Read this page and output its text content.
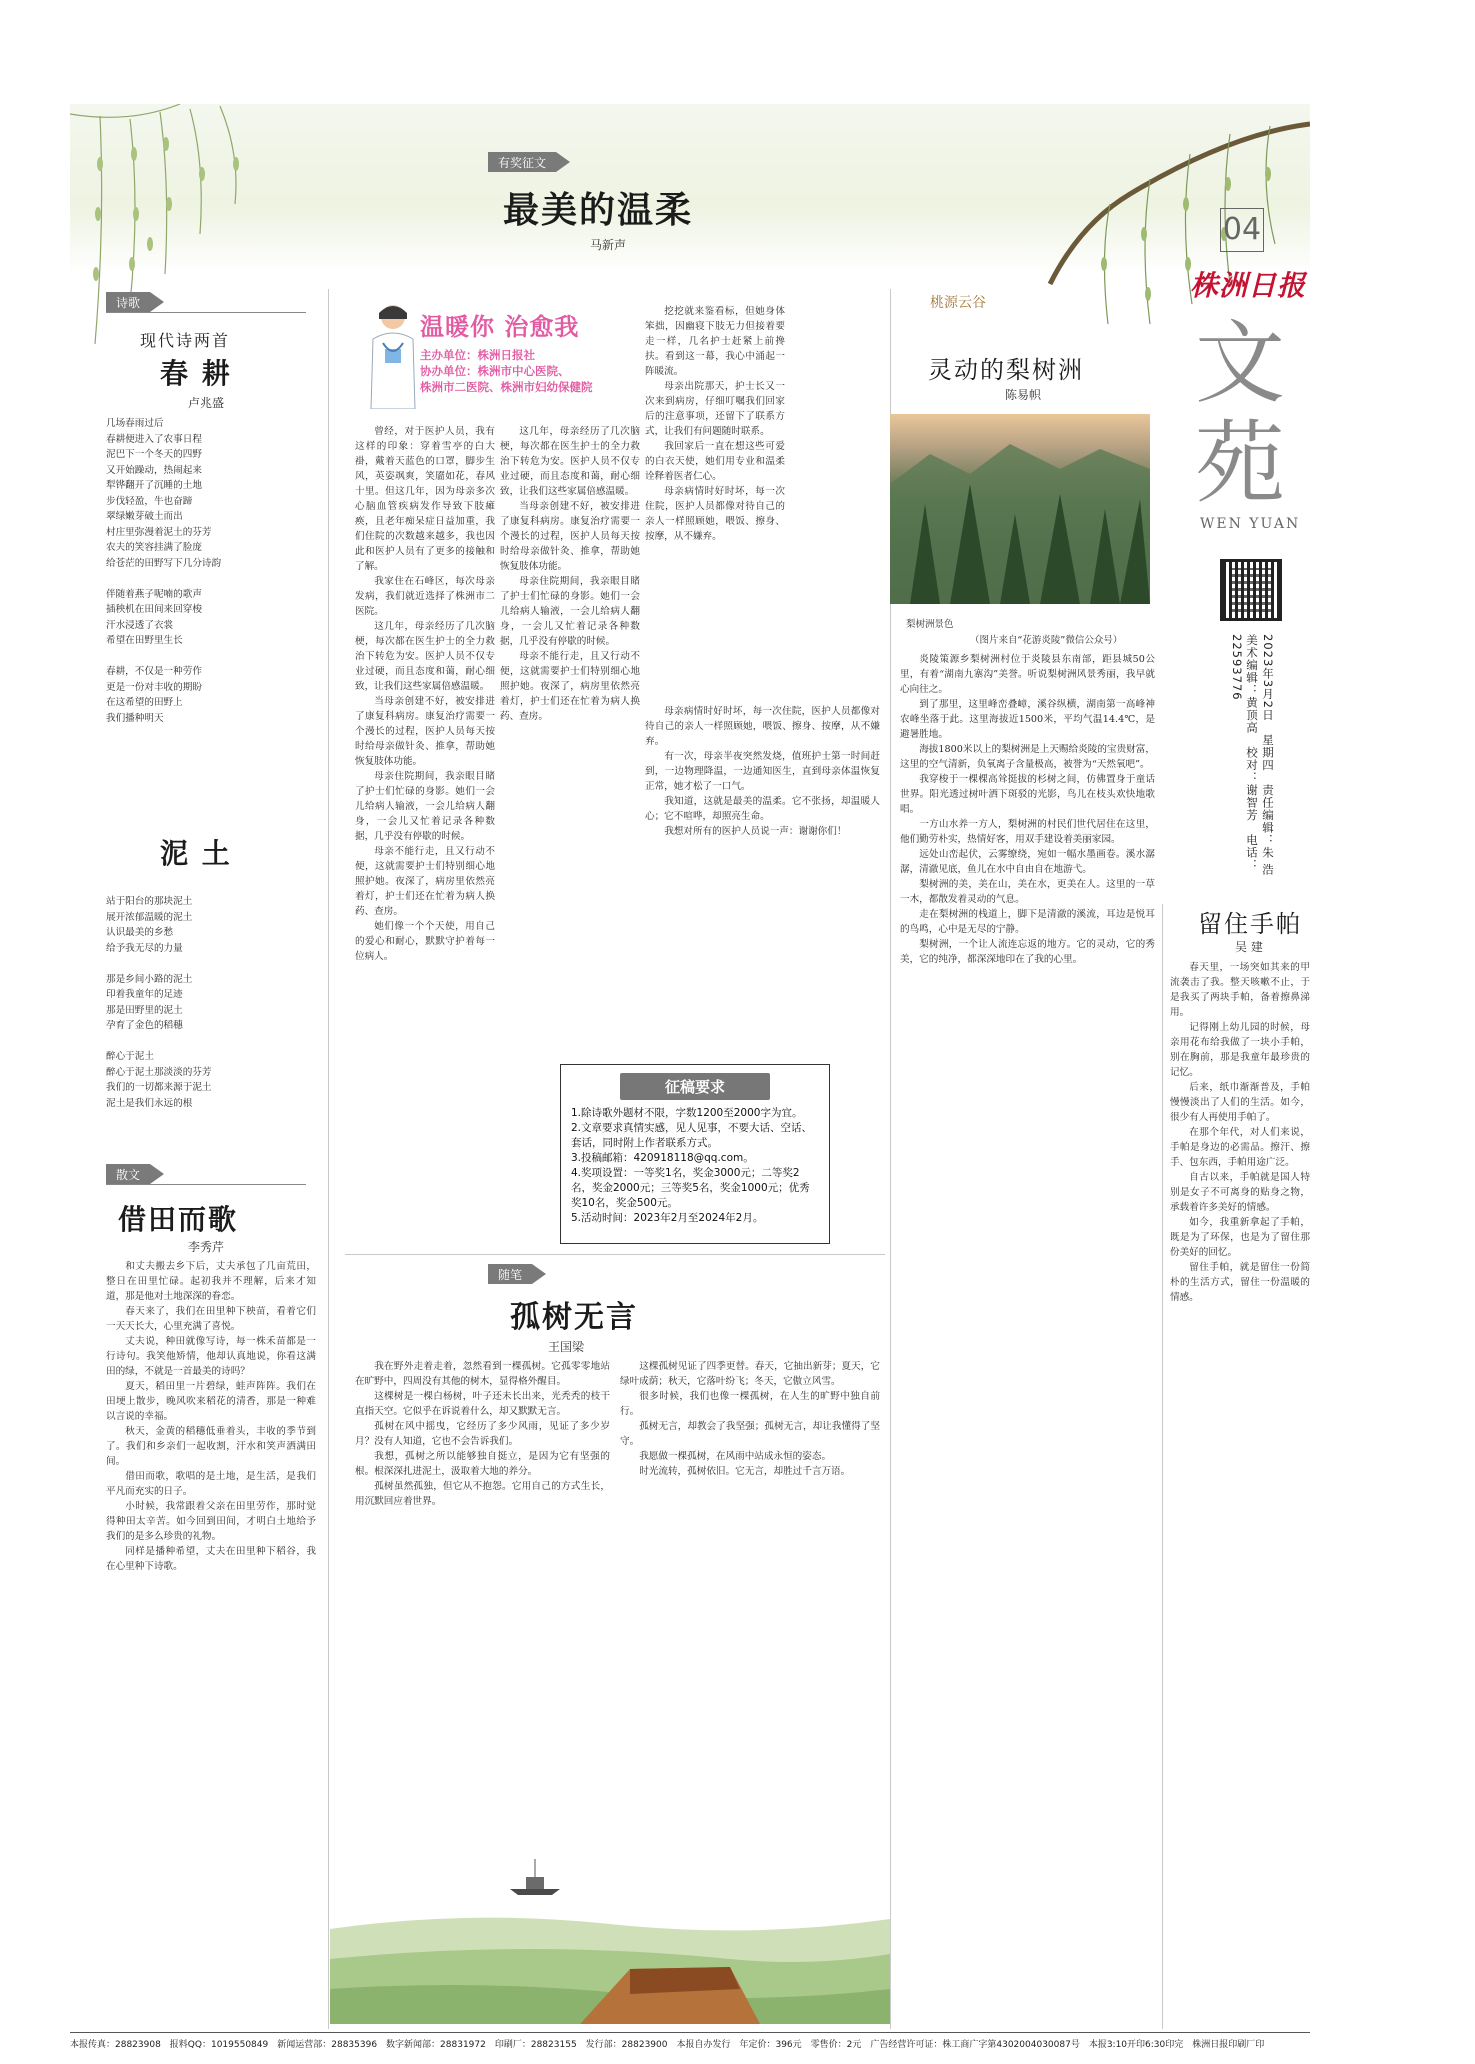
有奖征文
最美的温柔
马新声
温暖你 治愈我
主办单位：株洲日报社
协办单位：株洲市中心医院、
株洲市二医院、株洲市妇幼保健院

曾经，对于医护人员，我有这样的印象：穿着雪亭的白大褂，戴着天蓝色的口罩，脚步生风，英姿飒爽，笑靥如花，春风十里。但这几年，因为母亲多次心脑血管疾病发作导致下肢瘫痪，且老年痴呆症日益加重，我们住院的次数越来越多，我也因此和医护人员有了更多的接触和了解。

我家住在石峰区，每次母亲发病，我们就近选择了株洲市二医院。

这几年，母亲经历了几次脑梗，每次都在医生护士的全力救治下转危为安。医护人员不仅专业过硬，而且态度和蔼，耐心细致，让我们这些家属倍感温暖。

当母亲创建不好，被安排进了康复科病房。康复治疗需要一个漫长的过程，医护人员每天按时给母亲做针灸、推拿，帮助她恢复肢体功能。

母亲住院期间，我亲眼目睹了护士们忙碌的身影。她们一会儿给病人输液，一会儿给病人翻身，一会儿又忙着记录各种数据，几乎没有停歇的时候。

母亲不能行走，且又行动不便，这就需要护士们特别细心地照护她。夜深了，病房里依然亮着灯，护士们还在忙着为病人换药、查房。

她们像一个个天使，用自己的爱心和耐心，默默守护着每一位病人。

这几年，母亲经历了几次脑梗，每次都在医生护士的全力救治下转危为安。医护人员不仅专业过硬，而且态度和蔼，耐心细致，让我们这些家属倍感温暖。

当母亲创建不好，被安排进了康复科病房。康复治疗需要一个漫长的过程，医护人员每天按时给母亲做针灸、推拿，帮助她恢复肢体功能。

母亲住院期间，我亲眼目睹了护士们忙碌的身影。她们一会儿给病人输液，一会儿给病人翻身，一会儿又忙着记录各种数据，几乎没有停歇的时候。

母亲不能行走，且又行动不便，这就需要护士们特别细心地照护她。夜深了，病房里依然亮着灯，护士们还在忙着为病人换药、查房。

挖挖就来鉴看标，但她身体笨拙，因幽寝下肢无力但接着要走一样，几名护士赶紧上前搀扶。看到这一幕，我心中涌起一阵暖流。

母亲出院那天，护士长又一次来到病房，仔细叮嘱我们回家后的注意事项，还留下了联系方式，让我们有问题随时联系。

我回家后一直在想这些可爱的白衣天使，她们用专业和温柔诠释着医者仁心。

母亲病情时好时坏，每一次住院，医护人员都像对待自己的亲人一样照顾她，喂饭、擦身、按摩，从不嫌弃。

母亲病情时好时坏，每一次住院，医护人员都像对待自己的亲人一样照顾她，喂饭、擦身、按摩，从不嫌弃。

有一次，母亲半夜突然发烧，值班护士第一时间赶到，一边物理降温，一边通知医生，直到母亲体温恢复正常，她才松了一口气。

我知道，这就是最美的温柔。它不张扬，却温暖人心；它不喧哗，却照亮生命。

我想对所有的医护人员说一声：谢谢你们！

征稿要求
1.除诗歌外题材不限，字数1200至2000字为宜。
2.文章要求真情实感，见人见事，不要大话、空话、套话，同时附上作者联系方式。
3.投稿邮箱：420918118@qq.com。
4.奖项设置：一等奖1名，奖金3000元；二等奖2名，奖金2000元；三等奖5名，奖金1000元；优秀奖10名，奖金500元。
5.活动时间：2023年2月至2024年2月。
诗歌
现代诗两首
春 耕
卢兆盛
几场春雨过后
春耕便进入了农事日程
泥巴下一个冬天的四野
又开始躁动，热闹起来
犁铧翻开了沉睡的土地
步伐轻盈，牛也奋蹄
翠绿嫩芽破土而出
村庄里弥漫着泥土的芬芳
农夫的笑容挂满了脸庞
给苍茫的田野写下几分诗韵

伴随着燕子呢喃的歌声
插秧机在田间来回穿梭
汗水浸透了衣裳
希望在田野里生长

春耕，不仅是一种劳作
更是一份对丰收的期盼
在这希望的田野上
我们播种明天
泥 土
站于阳台的那块泥土
展开浓郁温暖的泥土
认识最美的乡愁
给予我无尽的力量

那是乡间小路的泥土
印着我童年的足迹
那是田野里的泥土
孕育了金色的稻穗

醉心于泥土
醉心于泥土那淡淡的芬芳
我们的一切都来源于泥土
泥土是我们永远的根
散文
借田而歌
李秀芹

和丈夫搬去乡下后，丈夫承包了几亩荒田，整日在田里忙碌。起初我并不理解，后来才知道，那是他对土地深深的眷恋。

春天来了，我们在田里种下秧苗，看着它们一天天长大，心里充满了喜悦。

丈夫说，种田就像写诗，每一株禾苗都是一行诗句。我笑他矫情，他却认真地说，你看这满田的绿，不就是一首最美的诗吗？

夏天，稻田里一片碧绿，蛙声阵阵。我们在田埂上散步，晚风吹来稻花的清香，那是一种难以言说的幸福。

秋天，金黄的稻穗低垂着头，丰收的季节到了。我们和乡亲们一起收割，汗水和笑声洒满田间。

借田而歌，歌唱的是土地，是生活，是我们平凡而充实的日子。

小时候，我常跟着父亲在田里劳作，那时觉得种田太辛苦。如今回到田间，才明白土地给予我们的是多么珍贵的礼物。

同样是播种希望，丈夫在田里种下稻谷，我在心里种下诗歌。

随笔
孤树无言
王国梁

我在野外走着走着，忽然看到一棵孤树。它孤零零地站在旷野中，四周没有其他的树木，显得格外醒目。

这棵树是一棵白杨树，叶子还未长出来，光秃秃的枝干直指天空。它似乎在诉说着什么，却又默默无言。

孤树在风中摇曳，它经历了多少风雨，见证了多少岁月？没有人知道，它也不会告诉我们。

我想，孤树之所以能够独自挺立，是因为它有坚强的根。根深深扎进泥土，汲取着大地的养分。

孤树虽然孤独，但它从不抱怨。它用自己的方式生长，用沉默回应着世界。

这棵孤树见证了四季更替。春天，它抽出新芽；夏天，它绿叶成荫；秋天，它落叶纷飞；冬天，它傲立风雪。

很多时候，我们也像一棵孤树，在人生的旷野中独自前行。

孤树无言，却教会了我坚强；孤树无言，却让我懂得了坚守。

我愿做一棵孤树，在风雨中站成永恒的姿态。

时光流转，孤树依旧。它无言，却胜过千言万语。

桃源云谷
灵动的梨树洲
陈易帜
梨树洲景色
（图片来自“花游炎陵”微信公众号）

炎陵策源乡梨树洲村位于炎陵县东南部，距县城50公里，有着“湖南九寨沟”美誉。听说梨树洲风景秀丽，我早就心向往之。

到了那里，这里峰峦叠嶂，溪谷纵横，湖南第一高峰神农峰坐落于此。这里海拔近1500米，平均气温14.4℃，是避暑胜地。

海拔1800米以上的梨树洲是上天赐给炎陵的宝贵财富，这里的空气清新，负氧离子含量极高，被誉为“天然氧吧”。

我穿梭于一棵棵高耸挺拔的杉树之间，仿佛置身于童话世界。阳光透过树叶洒下斑驳的光影，鸟儿在枝头欢快地歌唱。

一方山水养一方人，梨树洲的村民们世代居住在这里，他们勤劳朴实，热情好客，用双手建设着美丽家园。

远处山峦起伏，云雾缭绕，宛如一幅水墨画卷。溪水潺潺，清澈见底，鱼儿在水中自由自在地游弋。

梨树洲的美，美在山，美在水，更美在人。这里的一草一木，都散发着灵动的气息。

走在梨树洲的栈道上，脚下是清澈的溪流，耳边是悦耳的鸟鸣，心中是无尽的宁静。

梨树洲，一个让人流连忘返的地方。它的灵动，它的秀美，它的纯净，都深深地印在了我的心里。

04
株洲日报
文苑
WEN YUAN
2023年3月2日　星期四　责任编辑：朱 浩　美术编辑：黄顶高　校对：谢智芳　电话：22593776
留住手帕
吴 建

春天里，一场突如其来的甲流袭击了我。整天咳嗽不止，于是我买了两块手帕，备着擦鼻涕用。

记得刚上幼儿园的时候，母亲用花布给我做了一块小手帕，别在胸前，那是我童年最珍贵的记忆。

后来，纸巾渐渐普及，手帕慢慢淡出了人们的生活。如今，很少有人再使用手帕了。

在那个年代，对人们来说，手帕是身边的必需品。擦汗、擦手、包东西，手帕用途广泛。

自古以来，手帕就是国人特别是女子不可离身的贴身之物，承载着许多美好的情感。

如今，我重新拿起了手帕，既是为了环保，也是为了留住那份美好的回忆。

留住手帕，就是留住一份简朴的生活方式，留住一份温暖的情感。

本报传真：28823908　报料QQ：1019550849　新闻运营部：28835396　数字新闻部：28831972　印刷厂：28823155　发行部：28823900　本报自办发行　年定价：396元　零售价：2元　广告经营许可证：株工商广字第4302004030087号　本报3:10开印6:30印完　株洲日报印刷厂印
